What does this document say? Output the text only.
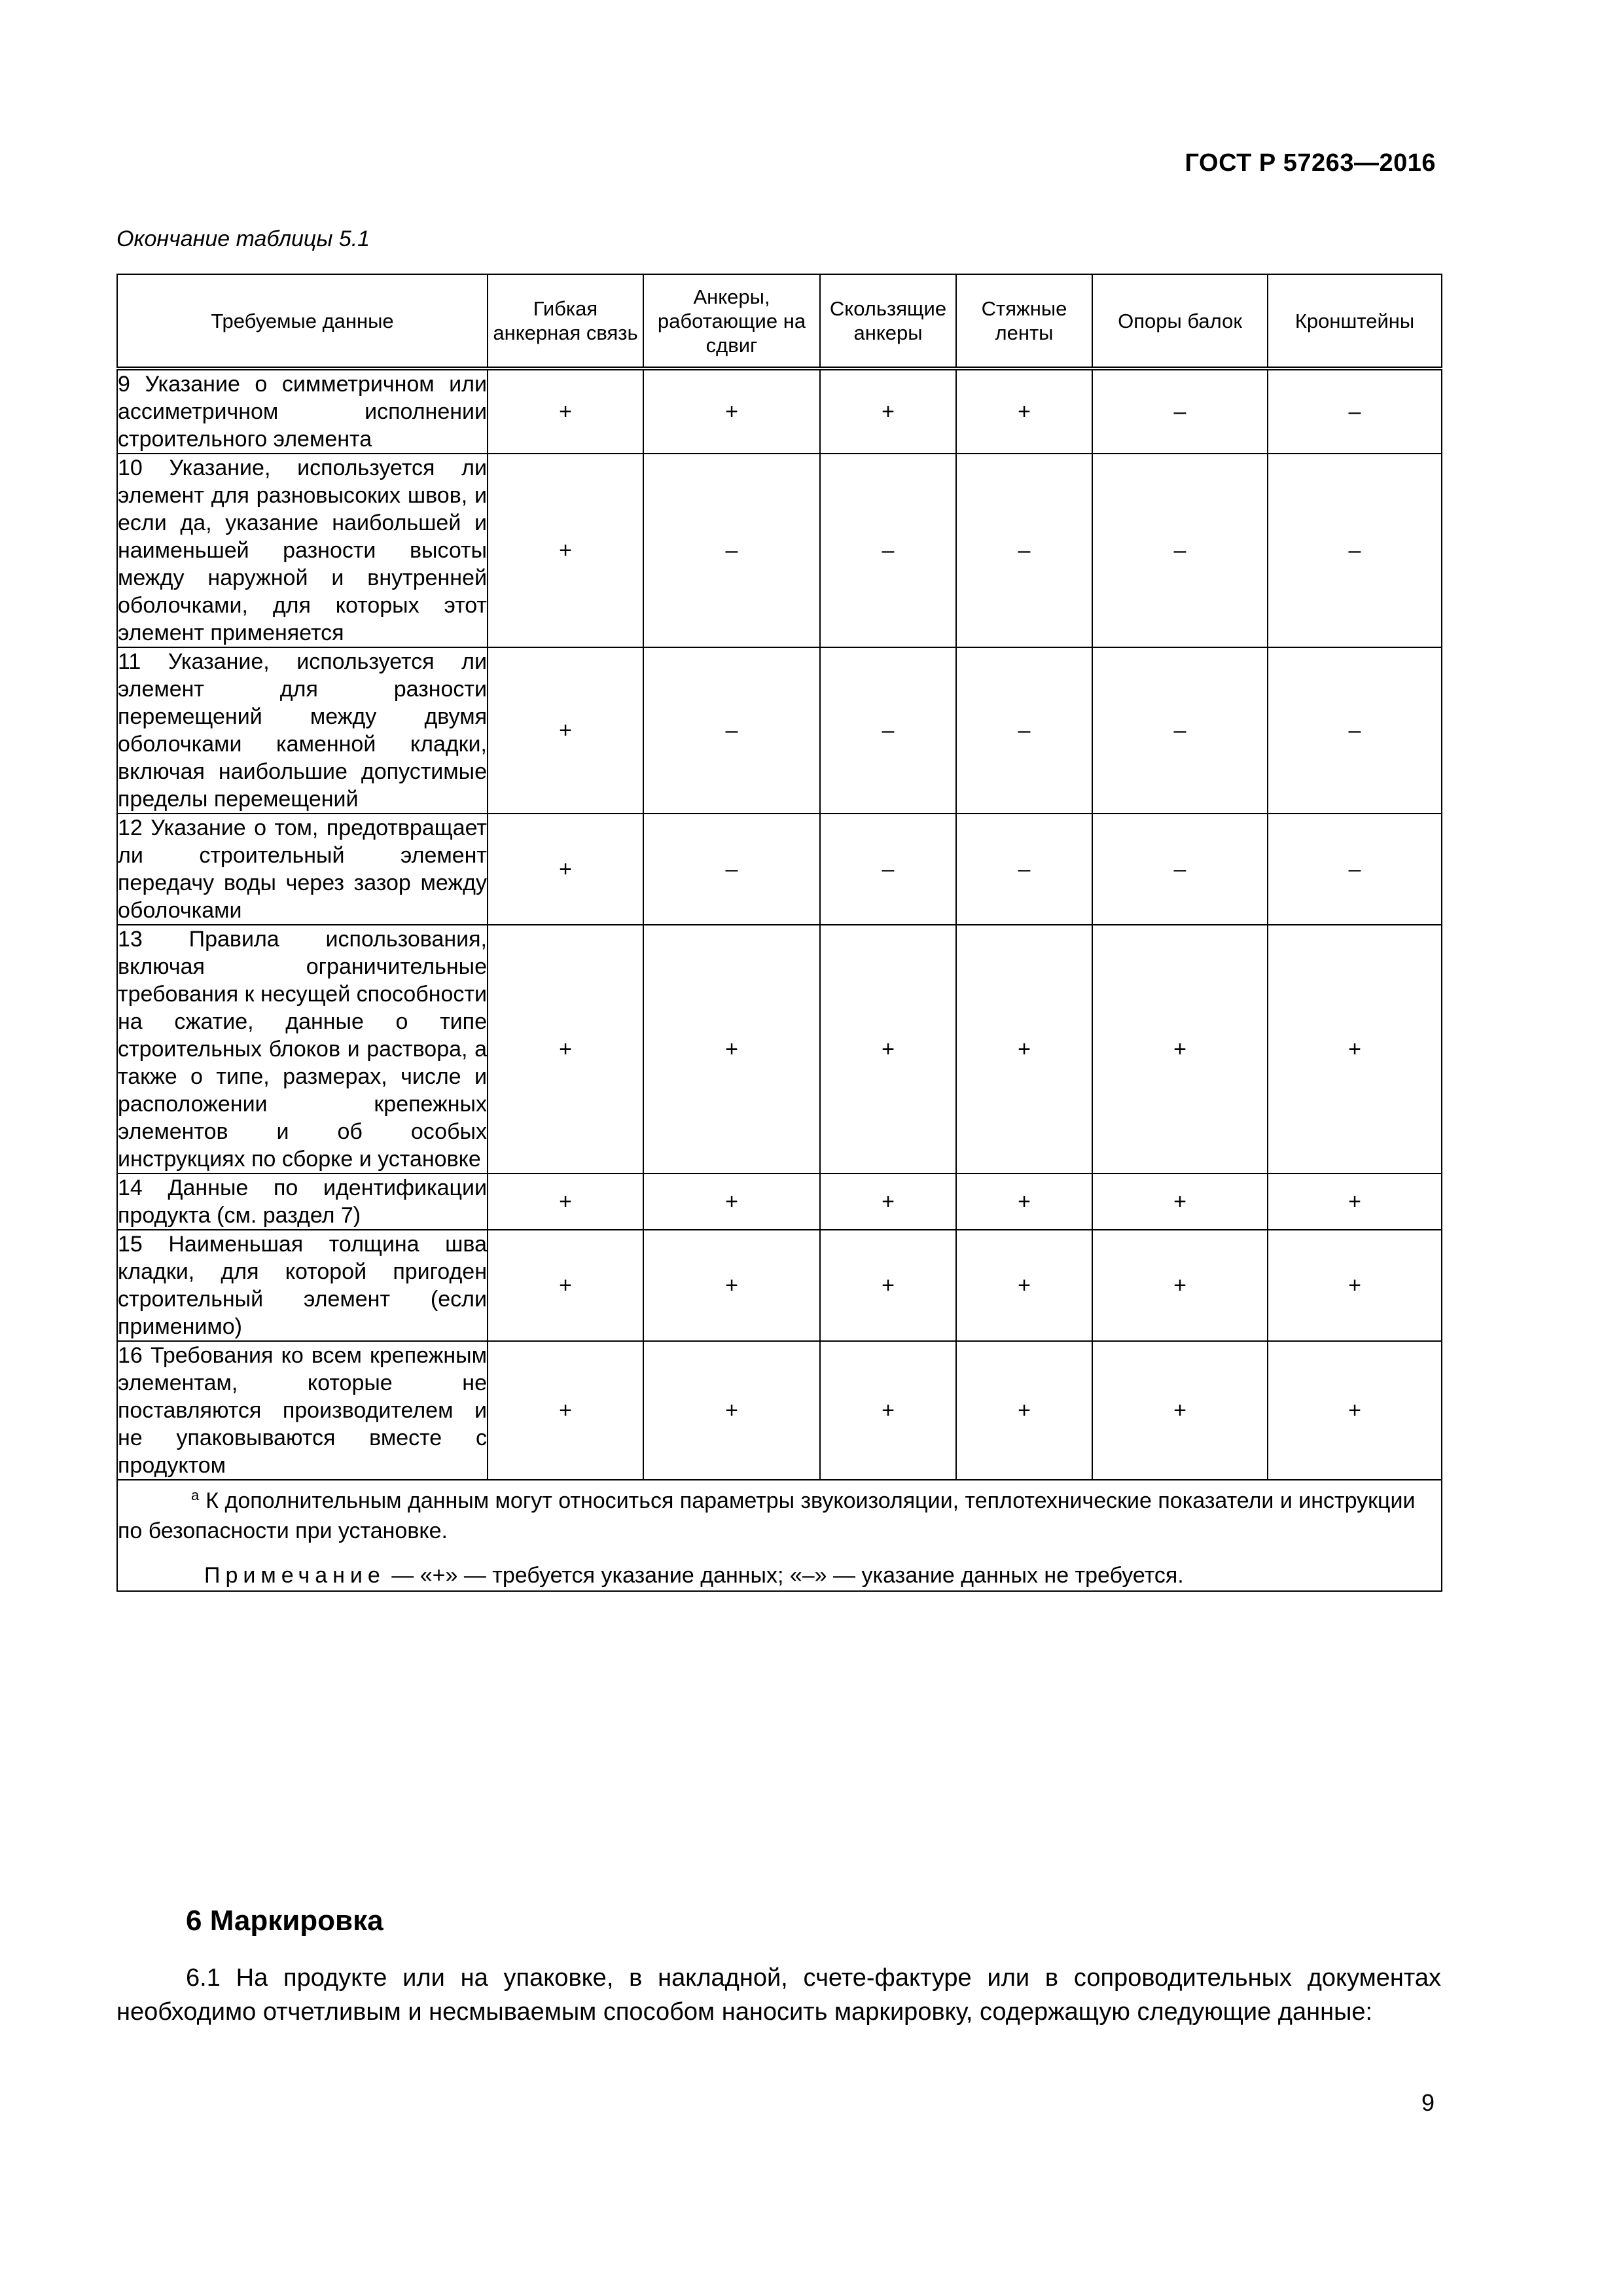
ГОСТ Р 57263—2016
Окончание таблицы 5.1
Требуемые данные	Гибкая анкерная связь	Анкеры, работающие на сдвиг	Скользящие анкеры	Стяжные ленты	Опоры балок	Кронштейны
9 Указание о симметричном или ассиметричном исполнении строительного элемента	+	+	+	+	–	–
10 Указание, используется ли элемент для разновысоких швов, и если да, указание наибольшей и наименьшей разности высоты между наружной и внутренней оболочками, для которых этот элемент применяется	+	–	–	–	–	–
11 Указание, используется ли элемент для разности перемещений между двумя оболочками каменной кладки, включая наибольшие допустимые пределы перемещений	+	–	–	–	–	–
12 Указание о том, предотвращает ли строительный элемент передачу воды через зазор между оболочками	+	–	–	–	–	–
13 Правила использования, включая ограничительные требования к несущей способности на сжатие, данные о типе строительных блоков и раствора, а также о типе, размерах, числе и расположении крепежных элементов и об особых инструкциях по сборке и установке	+	+	+	+	+	+
14 Данные по идентификации продукта (см. раздел 7)	+	+	+	+	+	+
15 Наименьшая толщина шва кладки, для которой пригоден строительный элемент (если применимо)	+	+	+	+	+	+
16 Требования ко всем крепежным элементам, которые не поставляются производителем и не упаковываются вместе с продуктом	+	+	+	+	+	+

$^а$ К дополнительным данным могут относиться параметры звукоизоляции, теплотехнические показатели и инструкции по безопасности при установке.
Примечание — «+» — требуется указание данных; «–» — указание данных не требуется.						
6 Маркировка
6.1 На продукте или на упаковке, в накладной, счете-фактуре или в сопроводительных документах необходимо отчетливым и несмываемым способом наносить маркировку, содержащую следующие данные:
9
